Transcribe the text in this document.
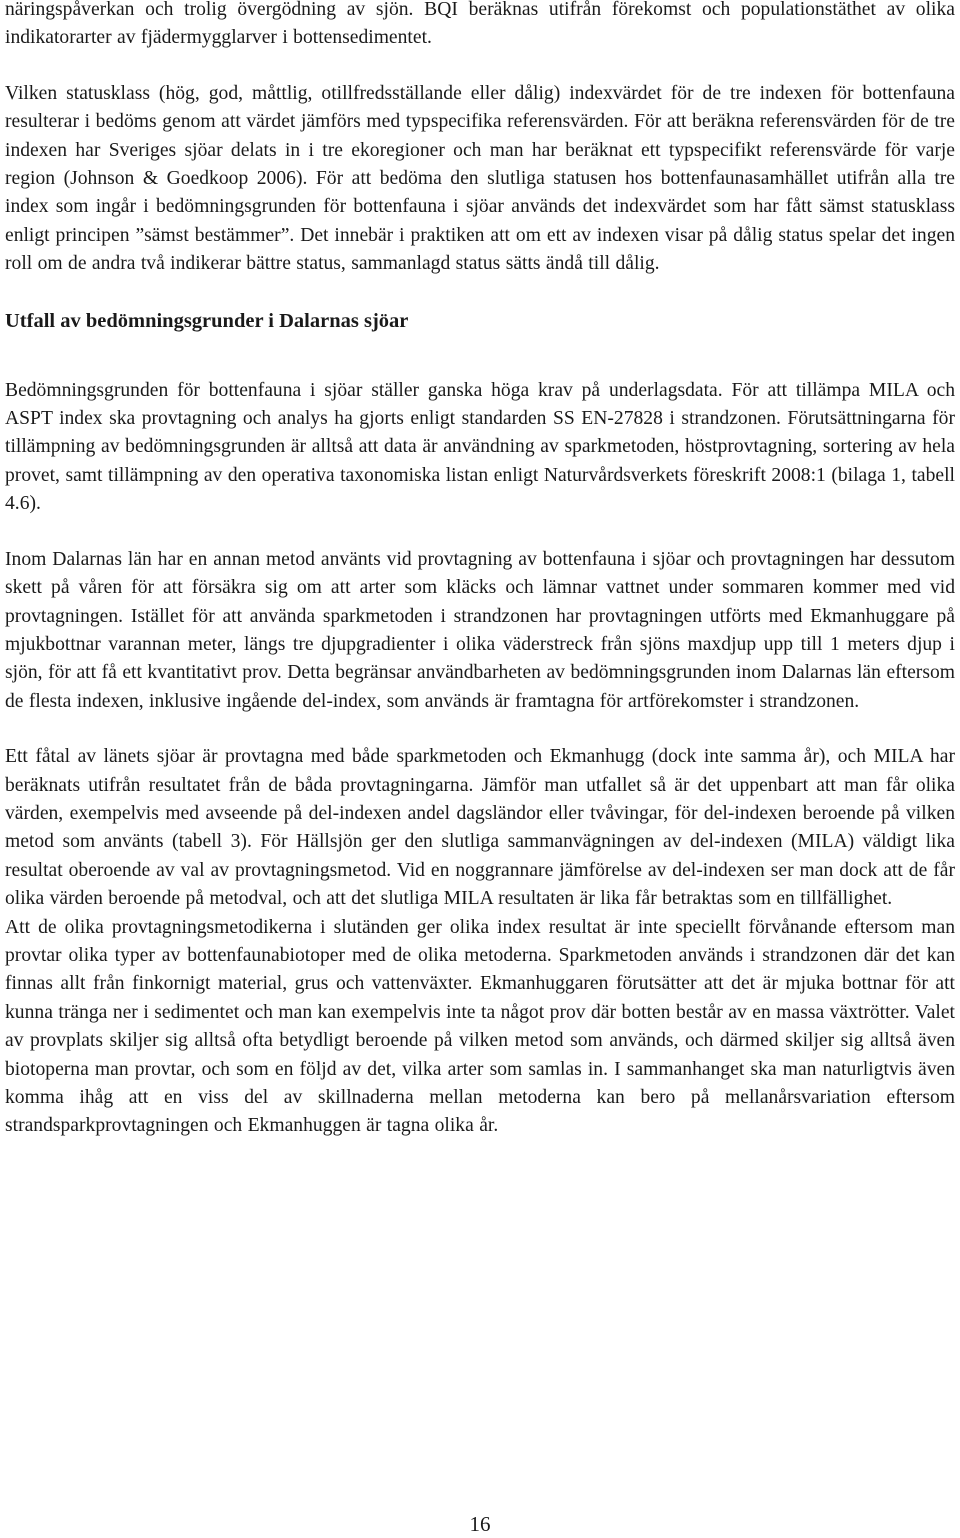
näringspåverkan och trolig övergödning av sjön. BQI beräknas utifrån förekomst och populationstäthet av olika indikatorarter av fjädermygglarver i bottensedimentet.

Vilken statusklass (hög, god, måttlig, otillfredsställande eller dålig) indexvärdet för de tre indexen för bottenfauna resulterar i bedöms genom att värdet jämförs med typspecifika referensvärden. För att beräkna referensvärden för de tre indexen har Sveriges sjöar delats in i tre ekoregioner och man har beräknat ett typspecifikt referensvärde för varje region (Johnson & Goedkoop 2006). För att bedöma den slutliga statusen hos bottenfaunasamhället utifrån alla tre index som ingår i bedömningsgrunden för bottenfauna i sjöar används det indexvärdet som har fått sämst statusklass enligt principen ”sämst bestämmer”. Det innebär i praktiken att om ett av indexen visar på dålig status spelar det ingen roll om de andra två indikerar bättre status, sammanlagd status sätts ändå till dålig.

Utfall av bedömningsgrunder i Dalarnas sjöar

Bedömningsgrunden för bottenfauna i sjöar ställer ganska höga krav på underlagsdata. För att tillämpa MILA och ASPT index ska provtagning och analys ha gjorts enligt standarden SS EN-27828 i strandzonen. Förutsättningarna för tillämpning av bedömningsgrunden är alltså att data är användning av sparkmetoden, höstprovtagning, sortering av hela provet, samt tillämpning av den operativa taxonomiska listan enligt Naturvårdsverkets föreskrift 2008:1 (bilaga 1, tabell 4.6).

Inom Dalarnas län har en annan metod använts vid provtagning av bottenfauna i sjöar och provtagningen har dessutom skett på våren för att försäkra sig om att arter som kläcks och lämnar vattnet under sommaren kommer med vid provtagningen. Istället för att använda sparkmetoden i strandzonen har provtagningen utförts med Ekmanhuggare på mjukbottnar varannan meter, längs tre djupgradienter i olika väderstreck från sjöns maxdjup upp till 1 meters djup i sjön, för att få ett kvantitativt prov. Detta begränsar användbarheten av bedömningsgrunden inom Dalarnas län eftersom de flesta indexen, inklusive ingående del-index, som används är framtagna för artförekomster i strandzonen.

Ett fåtal av länets sjöar är provtagna med både sparkmetoden och Ekmanhugg (dock inte samma år), och MILA har beräknats utifrån resultatet från de båda provtagningarna. Jämför man utfallet så är det uppenbart att man får olika värden, exempelvis med avseende på del-indexen andel dagsländor eller tvåvingar, för del-indexen beroende på vilken metod som använts (tabell 3). För Hällsjön ger den slutliga sammanvägningen av del-indexen (MILA) väldigt lika resultat oberoende av val av provtagningsmetod. Vid en noggrannare jämförelse av del-indexen ser man dock att de får olika värden beroende på metodval, och att det slutliga MILA resultaten är lika får betraktas som en tillfällighet.

Att de olika provtagningsmetodikerna i slutänden ger olika index resultat är inte speciellt förvånande eftersom man provtar olika typer av bottenfaunabiotoper med de olika metoderna. Sparkmetoden används i strandzonen där det kan finnas allt från finkornigt material, grus och vattenväxter. Ekmanhuggaren förutsätter att det är mjuka bottnar för att kunna tränga ner i sedimentet och man kan exempelvis inte ta något prov där botten består av en massa växtrötter. Valet av provplats skiljer sig alltså ofta betydligt beroende på vilken metod som används, och därmed skiljer sig alltså även biotoperna man provtar, och som en följd av det, vilka arter som samlas in. I sammanhanget ska man naturligtvis även komma ihåg att en viss del av skillnaderna mellan metoderna kan bero på mellanårsvariation eftersom strandsparkprovtagningen och Ekmanhuggen är tagna olika år.

16
